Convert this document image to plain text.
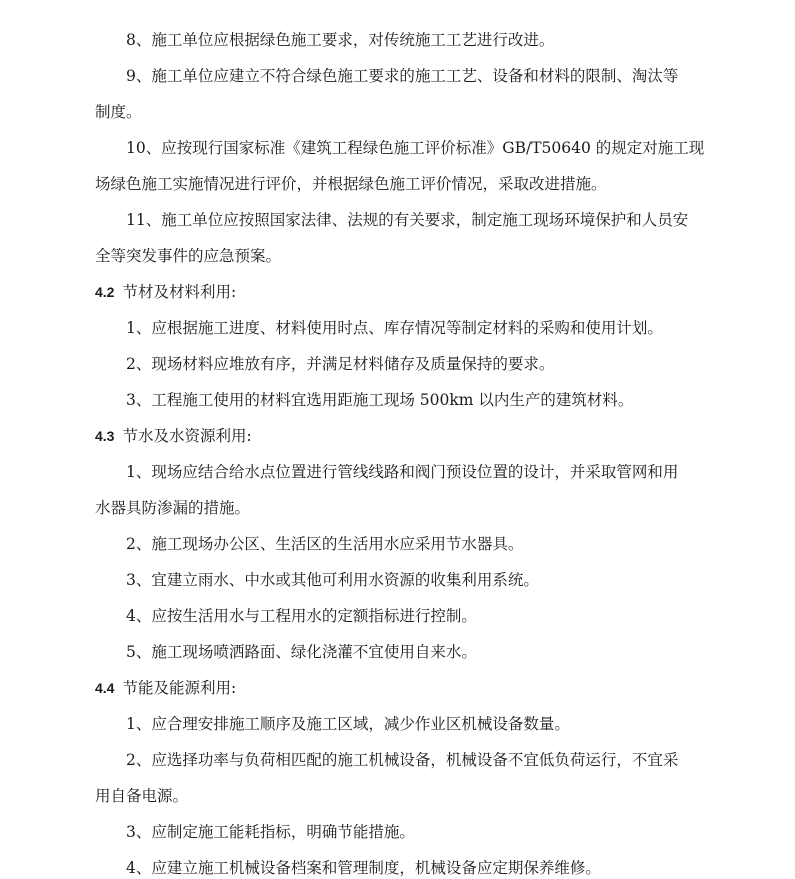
8、施工单位应根据绿色施工要求，对传统施工工艺进行改进。
9、施工单位应建立不符合绿色施工要求的施工工艺、设备和材料的限制、淘汰等
制度。
10、应按现行国家标准《建筑工程绿色施工评价标准》GB/T50640 的规定对施工现
场绿色施工实施情况进行评价，并根据绿色施工评价情况，采取改进措施。
11、施工单位应按照国家法律、法规的有关要求，制定施工现场环境保护和人员安
全等突发事件的应急预案。
4.2 节材及材料利用:
1、应根据施工进度、材料使用时点、库存情况等制定材料的采购和使用计划。
2、现场材料应堆放有序，并满足材料储存及质量保持的要求。
3、工程施工使用的材料宜选用距施工现场 500km 以内生产的建筑材料。
4.3 节水及水资源利用:
1、现场应结合给水点位置进行管线线路和阀门预设位置的设计，并采取管网和用
水器具防渗漏的措施。
2、施工现场办公区、生活区的生活用水应采用节水器具。
3、宜建立雨水、中水或其他可利用水资源的收集利用系统。
4、应按生活用水与工程用水的定额指标进行控制。
5、施工现场喷洒路面、绿化浇灌不宜使用自来水。
4.4 节能及能源利用:
1、应合理安排施工顺序及施工区域，减少作业区机械设备数量。
2、应选择功率与负荷相匹配的施工机械设备，机械设备不宜低负荷运行，不宜采
用自备电源。
3、应制定施工能耗指标，明确节能措施。
4、应建立施工机械设备档案和管理制度，机械设备应定期保养维修。
